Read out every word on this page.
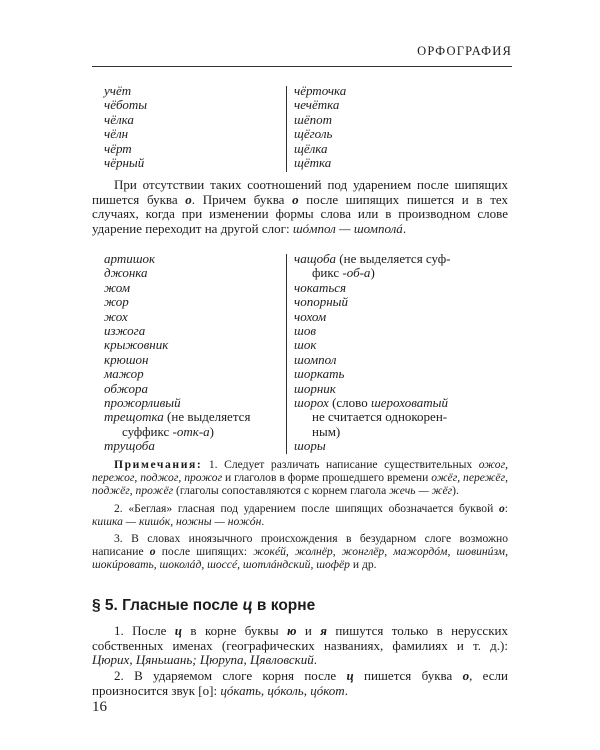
ОРФОГРАФИЯ
учёт
чёботы
чёлка
чёлн
чёрт
чёрный
чёрточка
чечётка
шёпот
щёголь
щёлка
щётка
При отсутствии таких соотношений под ударением после шипящих пишется буква о. Причем буква о после шипящих пишется и в тех случаях, когда при изменении формы слова или в производном слове ударение переходит на другой слог: шóмпол — шомполá.
артишок
джонка
жом
жор
жох
изжога
крыжовник
крюшон
мажор
обжора
прожорливый
трещотка (не выделяется
суффикс -отк-а)
трущоба
чащоба (не выделяется суф-
фикс -об-а)
чокаться
чопорный
чохом
шов
шок
шомпол
шоркать
шорник
шорох (слово шероховатый
не считается однокорен-
ным)
шоры
Примечания: 1. Следует различать написание существительных ожог, пережог, поджог, прожог и глаголов в форме прошедшего времени ожёг, пережёг, поджёг, прожёг (глаголы сопоставляются с корнем глагола жечь — жёг).
2. «Беглая» гласная под ударением после шипящих обозначается буквой о: кишка — кишóк, ножны — ножóн.
3. В словах иноязычного происхождения в безударном слоге возможно написание о после шипящих: жокéй, жолнёр, жонглёр, мажордóм, шовинúзм, шокúровать, шоколáд, шоссé, шотлáндский, шофёр и др.
§ 5. Гласные после ц в корне
1. После ц в корне буквы ю и я пишутся только в нерусских собственных именах (географических названиях, фамилиях и т. д.): Цюрих, Цяньшань; Цюрупа, Цявловский.
2. В ударяемом слоге корня после ц пишется буква о, если произносится звук [о]: цóкать, цóколь, цóкот.
16
